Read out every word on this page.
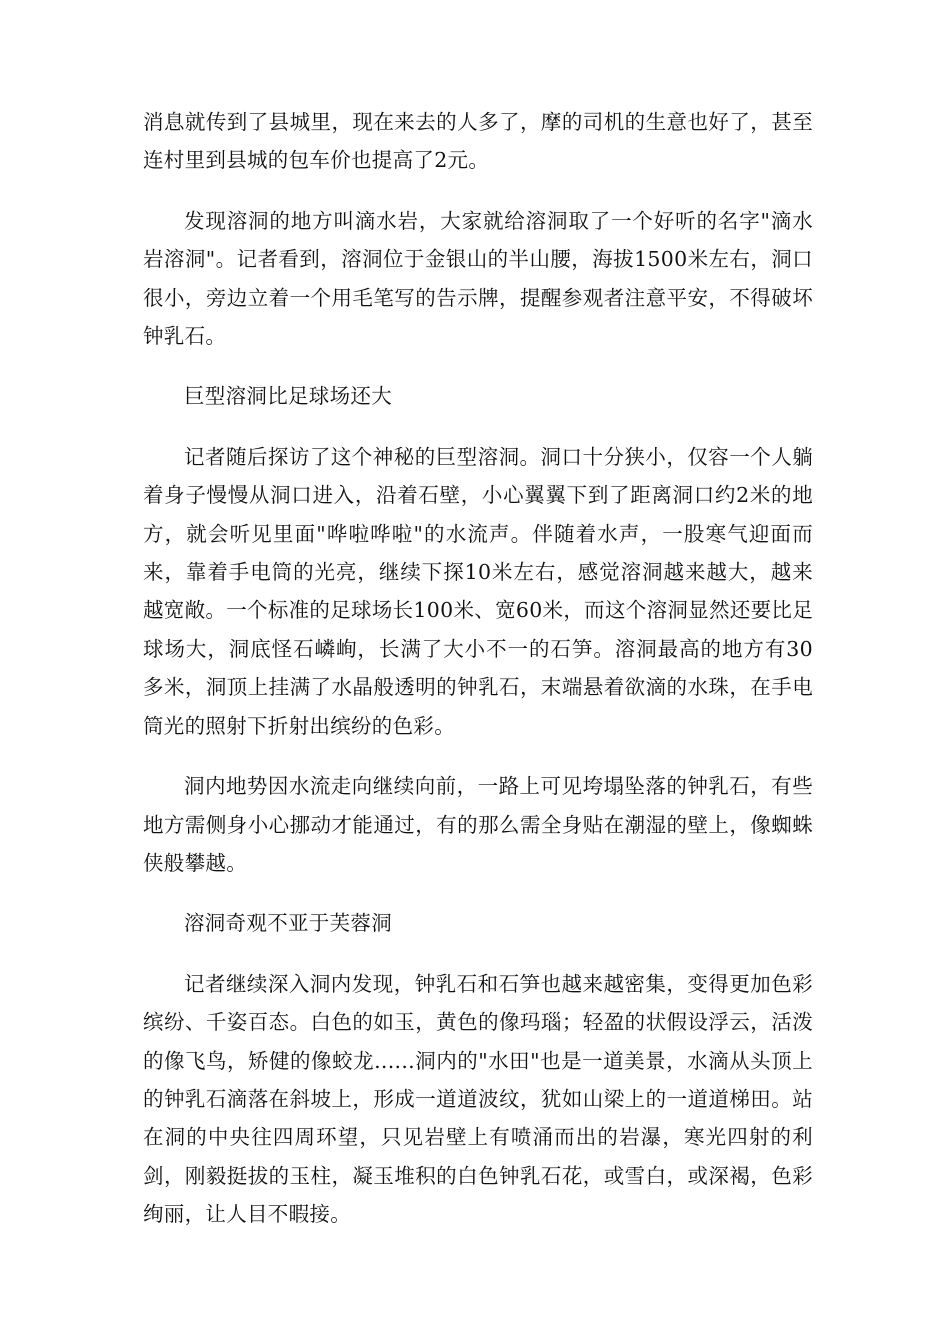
消息就传到了县城里，现在来去的人多了，摩的司机的生意也好了，甚至连村里到县城的包车价也提高了2元。

发现溶洞的地方叫滴水岩，大家就给溶洞取了一个好听的名字"滴水岩溶洞"。记者看到，溶洞位于金银山的半山腰，海拔1500米左右，洞口很小，旁边立着一个用毛笔写的告示牌，提醒参观者注意平安，不得破坏钟乳石。

巨型溶洞比足球场还大

记者随后探访了这个神秘的巨型溶洞。洞口十分狭小，仅容一个人躺着身子慢慢从洞口进入，沿着石壁，小心翼翼下到了距离洞口约2米的地方，就会听见里面"哗啦哗啦"的水流声。伴随着水声，一股寒气迎面而来，靠着手电筒的光亮，继续下探10米左右，感觉溶洞越来越大，越来越宽敞。一个标准的足球场长100米、宽60米，而这个溶洞显然还要比足球场大，洞底怪石嶙峋，长满了大小不一的石笋。溶洞最高的地方有30多米，洞顶上挂满了水晶般透明的钟乳石，末端悬着欲滴的水珠，在手电筒光的照射下折射出缤纷的色彩。

洞内地势因水流走向继续向前，一路上可见垮塌坠落的钟乳石，有些地方需侧身小心挪动才能通过，有的那么需全身贴在潮湿的壁上，像蜘蛛侠般攀越。

溶洞奇观不亚于芙蓉洞

记者继续深入洞内发现，钟乳石和石笋也越来越密集，变得更加色彩缤纷、千姿百态。白色的如玉，黄色的像玛瑙；轻盈的状假设浮云，活泼的像飞鸟，矫健的像蛟龙......洞内的"水田"也是一道美景，水滴从头顶上的钟乳石滴落在斜坡上，形成一道道波纹，犹如山梁上的一道道梯田。站在洞的中央往四周环望，只见岩壁上有喷涌而出的岩瀑，寒光四射的利剑，刚毅挺拔的玉柱，凝玉堆积的白色钟乳石花，或雪白，或深褐，色彩绚丽，让人目不暇接。
